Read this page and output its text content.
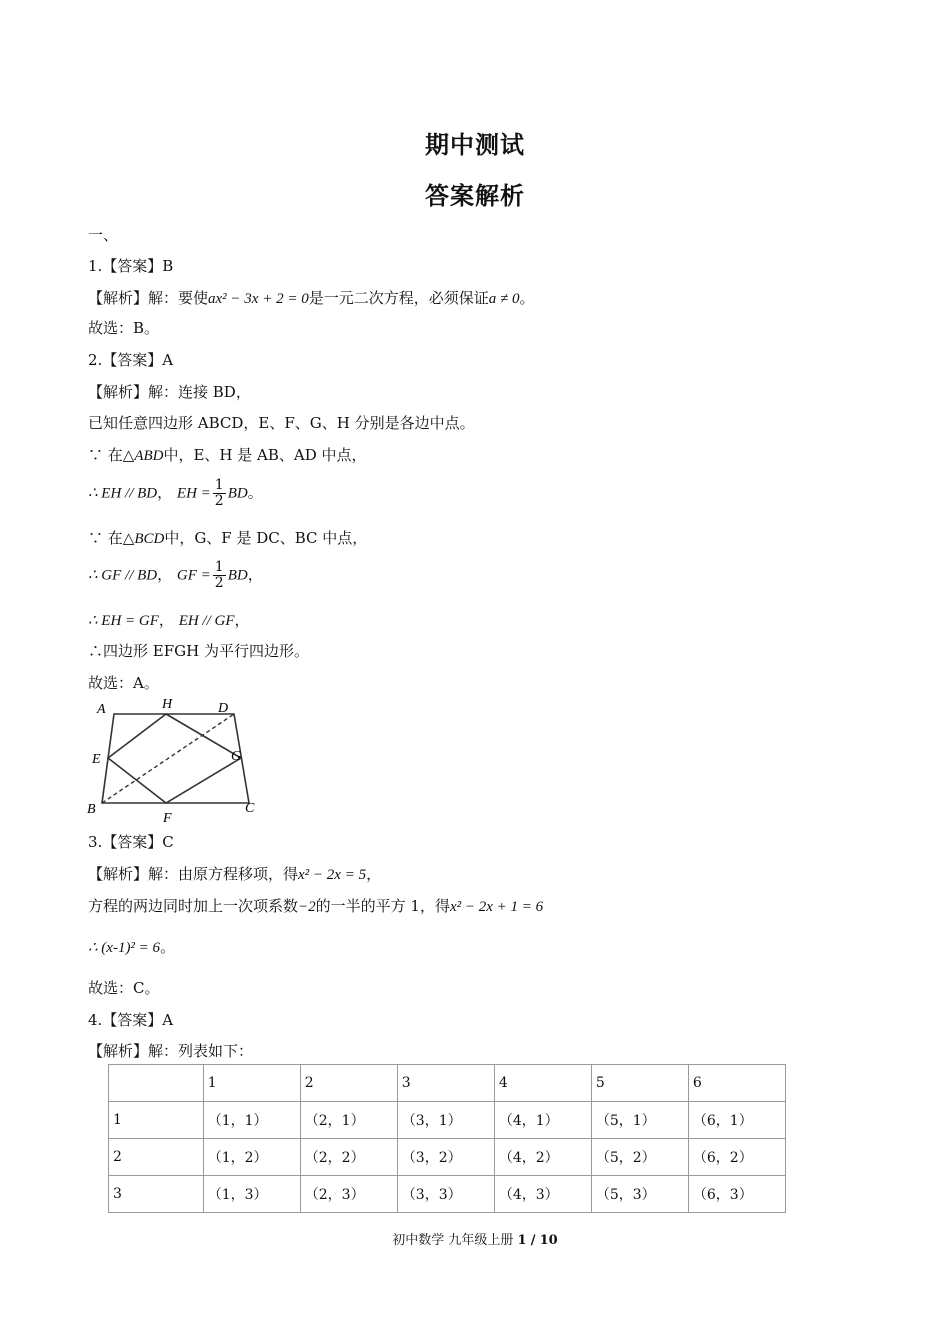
期中测试
答案解析
一、
1.【答案】B
【解析】解：要使ax² − 3x + 2 = 0是一元二次方程，必须保证a ≠ 0。
故选：B。
2.【答案】A
【解析】解：连接 BD，
已知任意四边形 ABCD，E、F、G、H 分别是各边中点。
∵ 在△ABD中，E、H 是 AB、AD 中点，
∴ EH // BD， EH = $\frac{1}{2}$ BD。
∵ 在△BCD中，G、F 是 DC、BC 中点，
∴ GF // BD， GF = $\frac{1}{2}$ BD，
∴ EH = GF， EH // GF，
∴四边形 EFGH 为平行四边形。
故选：A。
A	H	D
G
E
B
F
C
3.【答案】C
【解析】解：由原方程移项，得x² − 2x = 5，
方程的两边同时加上一次项系数−2的一半的平方 1，得x² − 2x + 1 = 6
∴ (x-1)² = 6。
故选：C。
4.【答案】A
【解析】解：列表如下：
	1	2	3	4	5	6
1	（1，1）	（2，1）	（3，1）	（4，1）	（5，1）	（6，1）
2	（1，2）	（2，2）	（3，2）	（4，2）	（5，2）	（6，2）
3	（1，3）	（2，3）	（3，3）	（4，3）	（5，3）	（6，3）
初中数学 九年级上册 1 / 10
